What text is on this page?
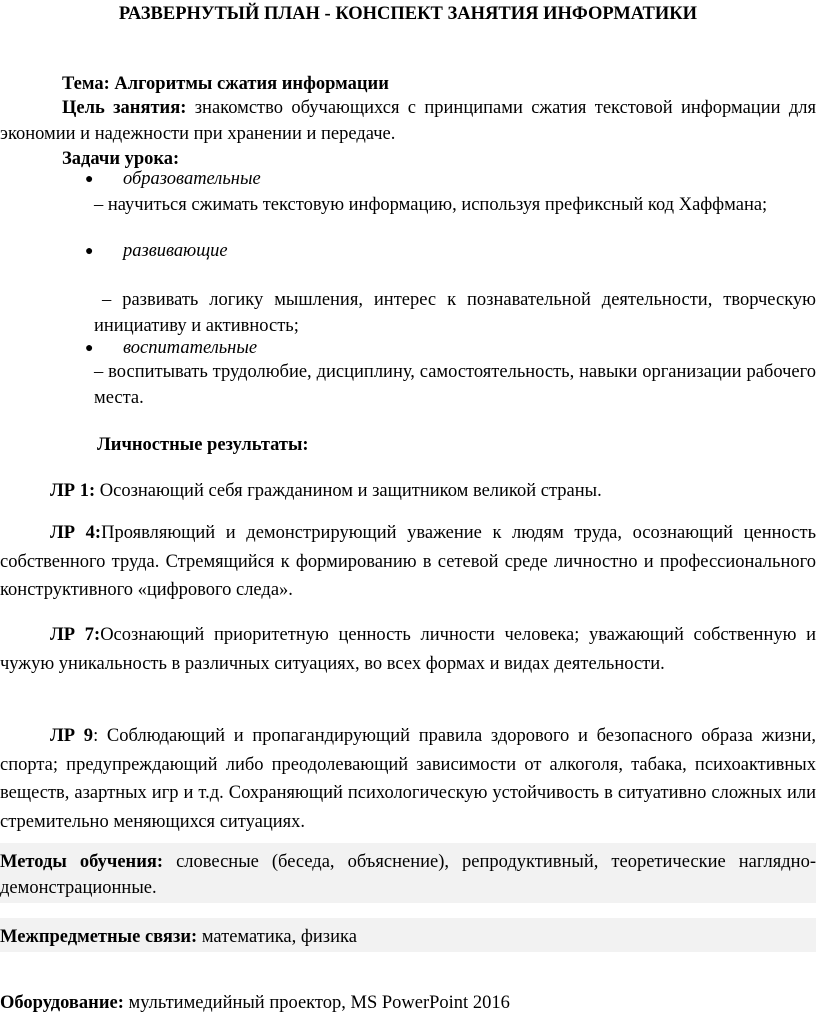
РАЗВЕРНУТЫЙ ПЛАН - КОНСПЕКТ ЗАНЯТИЯ ИНФОРМАТИКИ

Тема: Алгоритмы сжатия информации

Цель занятия: знакомство обучающихся с принципами сжатия текстовой информации для экономии и надежности при хранении и передаче.

Задачи урока:

● образовательные

– научиться сжимать текстовую информацию, используя префиксный код Хаффмана;

● развивающие

– развивать логику мышления, интерес к познавательной деятельности, творческую инициативу и активность;

● воспитательные

– воспитывать трудолюбие, дисциплину, самостоятельность, навыки организации рабочего места.

Личностные результаты:

ЛР 1: Осознающий себя гражданином и защитником великой страны.

ЛР 4:Проявляющий и демонстрирующий уважение к людям труда, осознающий ценность собственного труда. Стремящийся к формированию в сетевой среде личностно и профессионального конструктивного «цифрового следа».

ЛР 7:Осознающий приоритетную ценность личности человека; уважающий собственную и чужую уникальность в различных ситуациях, во всех формах и видах деятельности.

ЛР 9: Соблюдающий и пропагандирующий правила здорового и безопасного образа жизни, спорта; предупреждающий либо преодолевающий зависимости от алкоголя, табака, психоактивных веществ, азартных игр и т.д. Сохраняющий психологическую устойчивость в ситуативно сложных или стремительно меняющихся ситуациях.

Методы обучения: словесные (беседа, объяснение), репродуктивный, теоретические наглядно-демонстрационные.

Межпредметные связи: математика, физика

Оборудование: мультимедийный проектор, MS PowerPoint 2016
